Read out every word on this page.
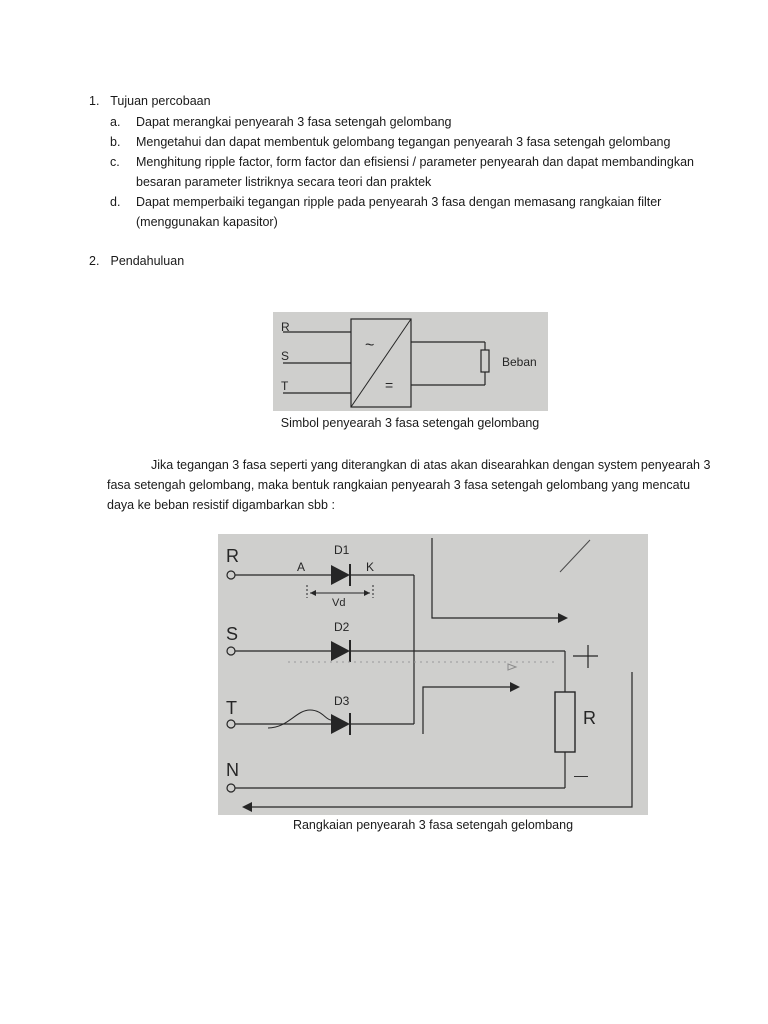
1. Tujuan percobaan
a.	Dapat merangkai penyearah 3 fasa setengah gelombang
b.	Mengetahui dan dapat membentuk gelombang tegangan penyearah 3 fasa setengah gelombang
c.	Menghitung ripple factor, form factor dan efisiensi / parameter penyearah dan dapat membandingkan besaran parameter listriknya secara teori dan praktek
d.	Dapat memperbaiki tegangan ripple pada penyearah 3 fasa dengan memasang rangkaian filter (menggunakan kapasitor)
2. Pendahuluan
~
=
R
S
T
Beban
Simbol penyearah 3 fasa setengah gelombang
Jika tegangan 3 fasa seperti yang diterangkan di atas akan disearahkan dengan system penyearah 3 fasa setengah gelombang, maka bentuk rangkaian penyearah 3 fasa setengah gelombang yang mencatu daya ke beban resistif digambarkan sbb :
R
S
T
N
D1
D2
D3
A	K
Vd
R
—
Rangkaian penyearah 3 fasa setengah gelombang
